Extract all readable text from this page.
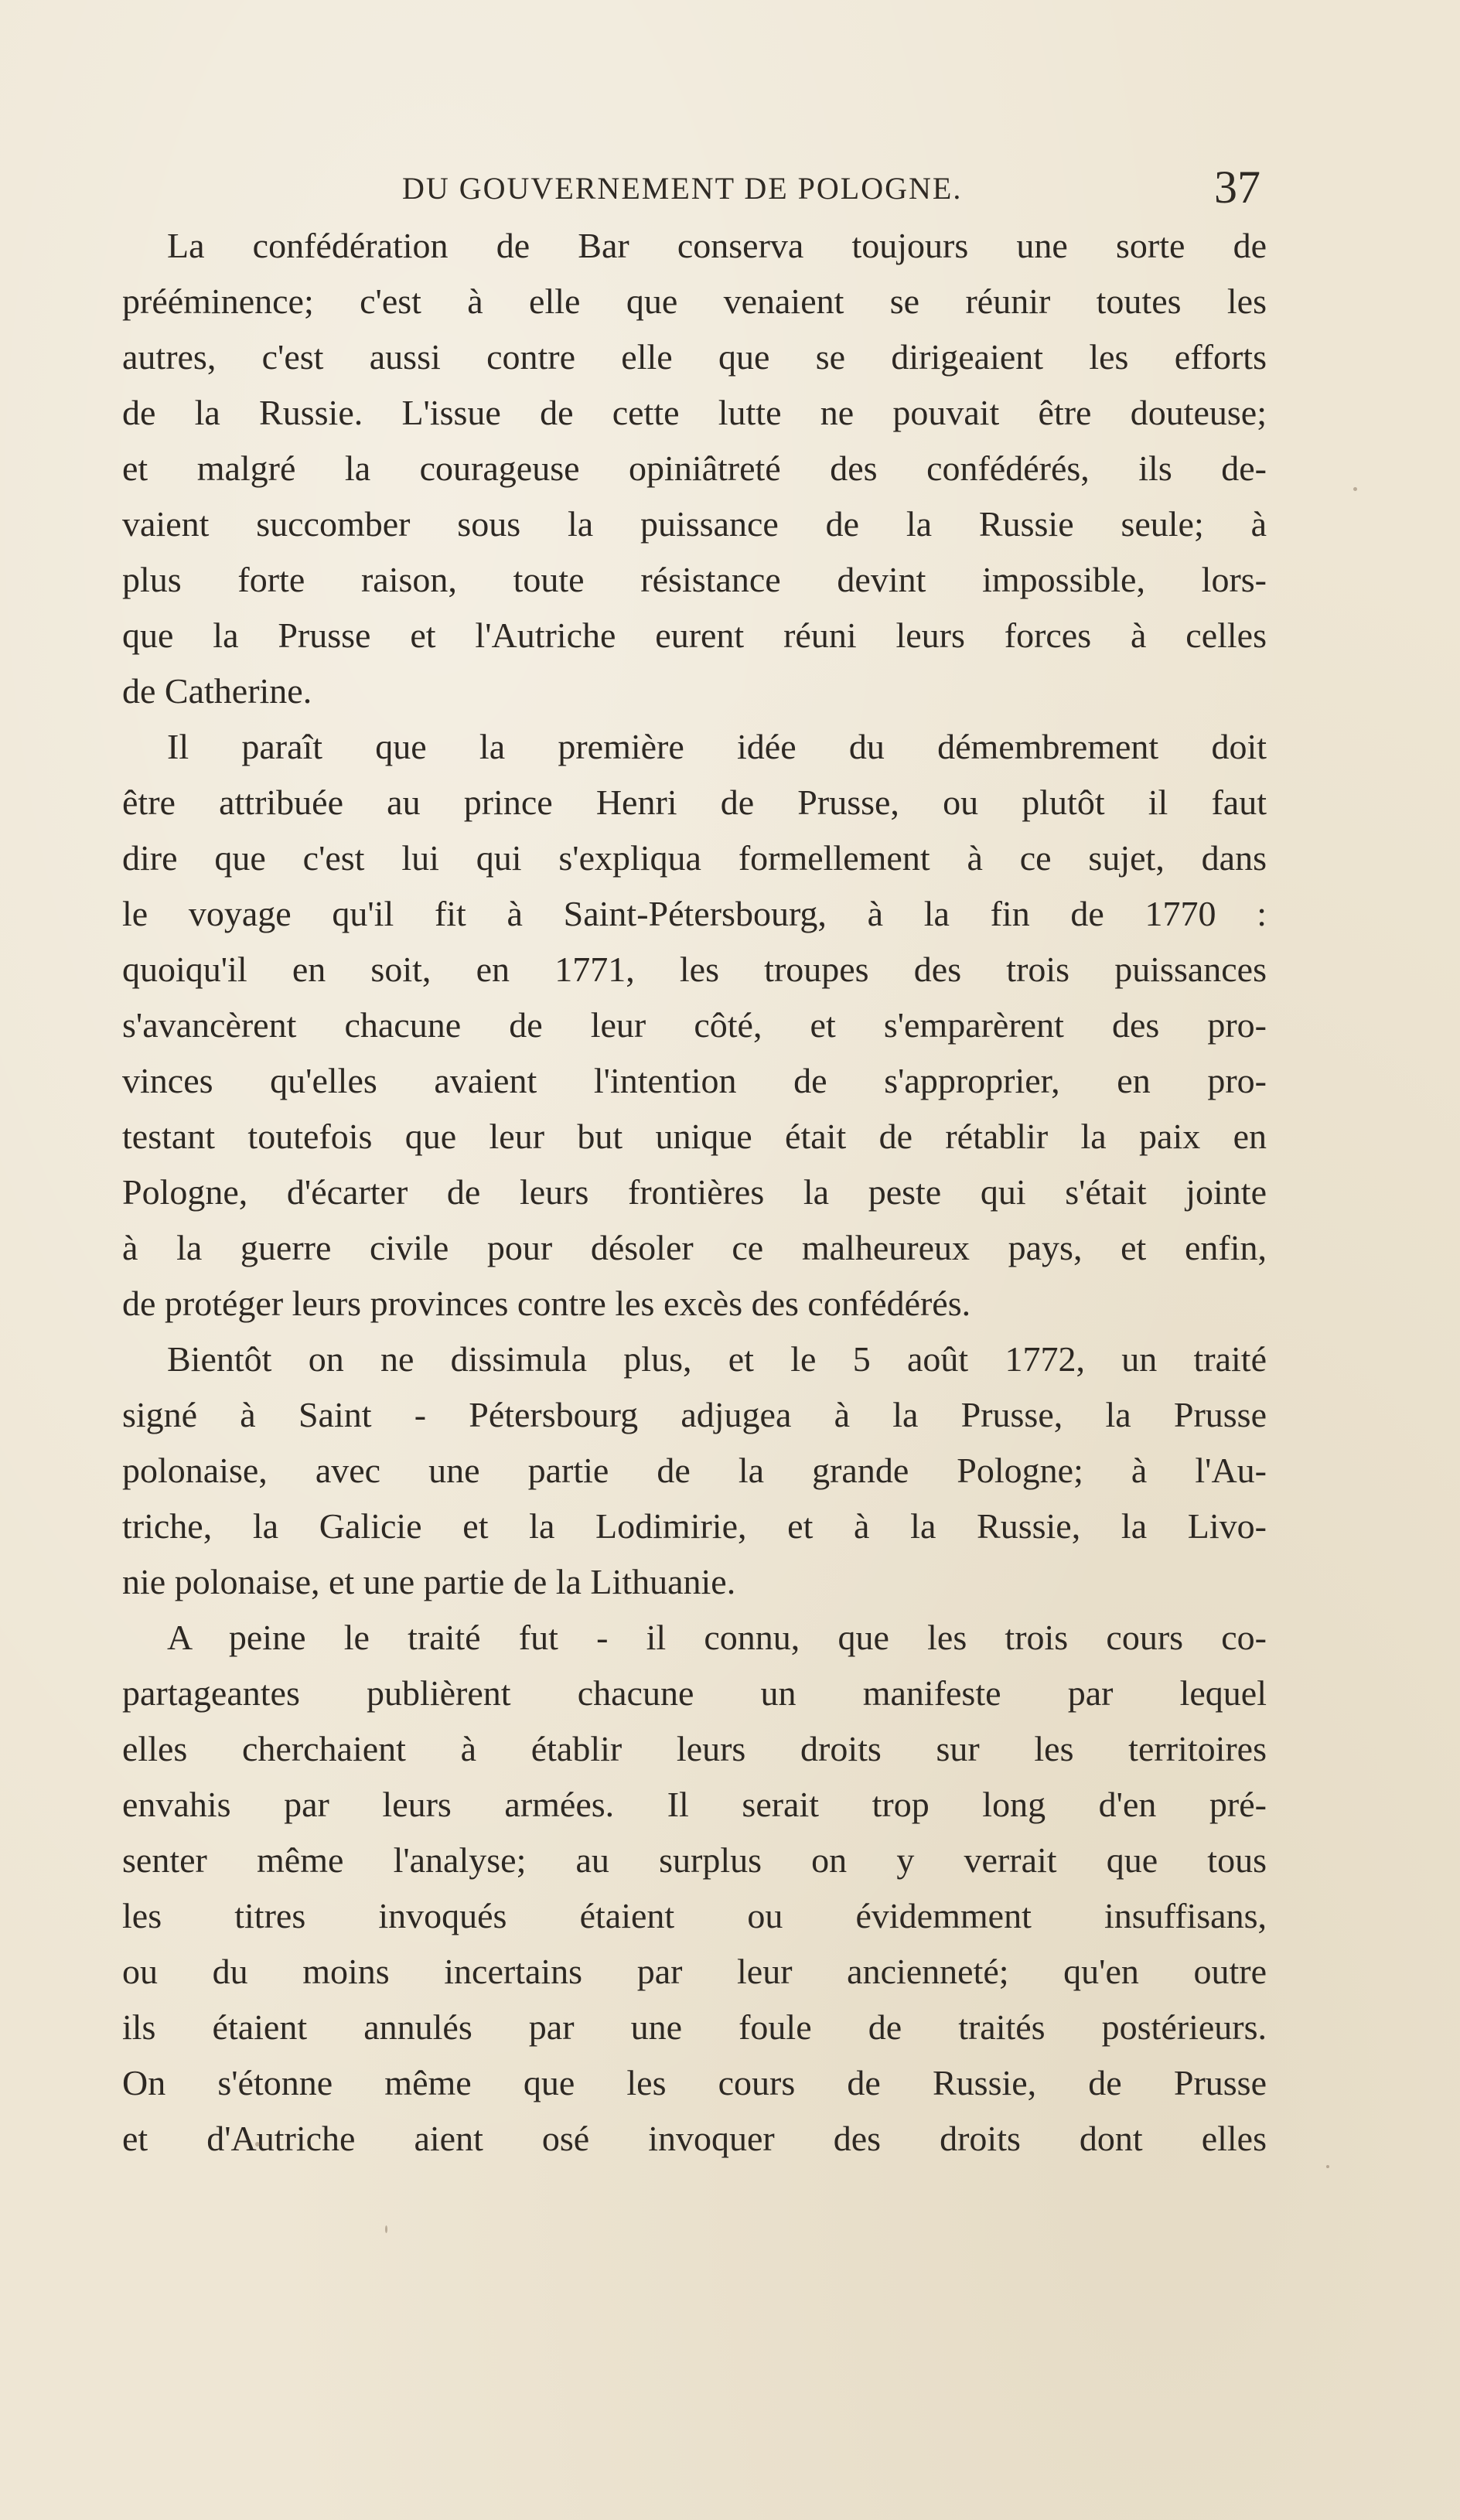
DU GOUVERNEMENT DE POLOGNE.	37
La confédération de Bar conserva toujours une sorte de
prééminence; c'est à elle que venaient se réunir toutes les
autres, c'est aussi contre elle que se dirigeaient les efforts
de la Russie. L'issue de cette lutte ne pouvait être douteuse;
et malgré la courageuse opiniâtreté des confédérés, ils de-
vaient succomber sous la puissance de la Russie seule; à
plus forte raison, toute résistance devint impossible, lors-
que la Prusse et l'Autriche eurent réuni leurs forces à celles
de Catherine.
Il paraît que la première idée du démembrement doit
être attribuée au prince Henri de Prusse, ou plutôt il faut
dire que c'est lui qui s'expliqua formellement à ce sujet, dans
le voyage qu'il fit à Saint-Pétersbourg, à la fin de 1770 :
quoiqu'il en soit, en 1771, les troupes des trois puissances
s'avancèrent chacune de leur côté, et s'emparèrent des pro-
vinces qu'elles avaient l'intention de s'approprier, en pro-
testant toutefois que leur but unique était de rétablir la paix en
Pologne, d'écarter de leurs frontières la peste qui s'était jointe
à la guerre civile pour désoler ce malheureux pays, et enfin,
de protéger leurs provinces contre les excès des confédérés.
Bientôt on ne dissimula plus, et le 5 août 1772, un traité
signé à Saint - Pétersbourg adjugea à la Prusse, la Prusse
polonaise, avec une partie de la grande Pologne; à l'Au-
triche, la Galicie et la Lodimirie, et à la Russie, la Livo-
nie polonaise, et une partie de la Lithuanie.
A peine le traité fut - il connu, que les trois cours co-
partageantes publièrent chacune un manifeste par lequel
elles cherchaient à établir leurs droits sur les territoires
envahis par leurs armées. Il serait trop long d'en pré-
senter même l'analyse; au surplus on y verrait que tous
les titres invoqués étaient ou évidemment insuffisans,
ou du moins incertains par leur ancienneté; qu'en outre
ils étaient annulés par une foule de traités postérieurs.
On s'étonne même que les cours de Russie, de Prusse
et d'Autriche aient osé invoquer des droits dont elles
